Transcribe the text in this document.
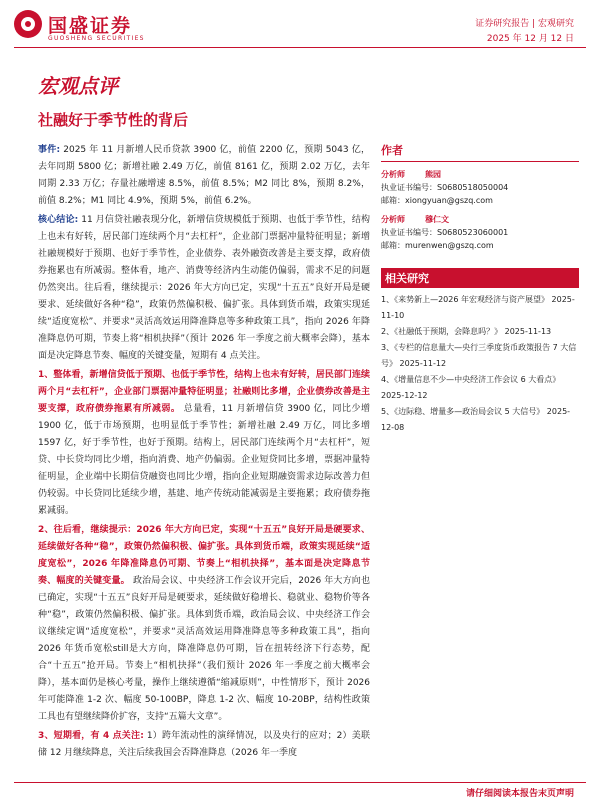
国盛证券
GUOSHENG SECURITIES
证券研究报告 | 宏观研究
2025 年 12 月 12 日
宏观点评
社融好于季节性的背后

事件: 2025 年 11 月新增人民币贷款 3900 亿，前值 2200 亿，预期 5043 亿，去年同期 5800 亿；新增社融 2.49 万亿，前值 8161 亿，预期 2.02 万亿，去年同期 2.33 万亿；存量社融增速 8.5%，前值 8.5%；M2 同比 8%，预期 8.2%，前值 8.2%；M1 同比 4.9%，预期 5%，前值 6.2%。

核心结论: 11 月信贷社融表现分化，新增信贷规模低于预期、也低于季节性，结构上也未有好转，居民部门连续两个月“去杠杆”，企业部门票据冲量特征明显；新增社融规模好于预期、也好于季节性，企业债券、表外融资改善是主要支撑，政府债券拖累也有所减弱。整体看，地产、消费等经济内生动能仍偏弱，需求不足的问题仍然突出。往后看，继续提示：2026 年大方向已定，实现“十五五”良好开局是硬要求、延续做好各种“稳”，政策仍然偏积极、偏扩张。具体到货币端，政策实现延续“适度宽松”、并要求“灵活高效运用降准降息等多种政策工具”，指向 2026 年降准降息仍可期，节奏上将“相机抉择”（预计 2026 年一季度之前大概率会降），基本面是决定降息节奏、幅度的关键变量，短期有 4 点关注。

1、整体看，新增信贷低于预期、也低于季节性，结构上也未有好转，居民部门连续两个月“去杠杆”，企业部门票据冲量特征明显；社融则比多增，企业债券改善是主要支撑，政府债券拖累有所减弱。 总量看，11 月新增信贷 3900 亿，同比少增 1900 亿，低于市场预期，也明显低于季节性；新增社融 2.49 万亿，同比多增 1597 亿，好于季节性，也好于预期。结构上，居民部门连续两个月“去杠杆”，短贷、中长贷均同比少增，指向消费、地产仍偏弱。企业短贷同比多增，票据冲量特征明显，企业端中长期信贷融资也同比少增，指向企业短期融资需求边际改善力但仍较弱。中长贷同比延续少增，基建、地产传统动能减弱是主要拖累；政府债券拖累减弱。

2、往后看，继续提示：2026 年大方向已定，实现“十五五”良好开局是硬要求、延续做好各种“稳”，政策仍然偏积极、偏扩张。具体到货币端，政策实现延续“适度宽松”，2026 年降准降息仍可期、节奏上“相机抉择”，基本面是决定降息节奏、幅度的关键变量。 政治局会议、中央经济工作会议开完后，2026 年大方向也已确定，实现“十五五”良好开局是硬要求，延续做好稳增长、稳就业、稳物价等各种“稳”，政策仍然偏积极、偏扩张。具体到货币端，政治局会议、中央经济工作会议继续定调“适度宽松”，并要求“灵活高效运用降准降息等多种政策工具”，指向 2026 年货币宽松still是大方向，降准降息仍可期，旨在扭转经济下行态势，配合“十五五”抢开局。节奏上“相机抉择”（我们预计 2026 年一季度之前大概率会降），基本面仍是核心考量，操作上继续遵循“缩减原则”，中性情形下，预计 2026 年可能降准 1-2 次、幅度 50-100BP，降息 1-2 次、幅度 10-20BP，结构性政策工具也有望继续降价扩容，支持“五篇大文章”。

3、短期看，有 4 点关注: 1）跨年流动性的演绎情况，以及央行的应对；2）美联储 12 月继续降息，关注后续我国会否降准降息（2026 年一季度

作者
分析师	熊园
执业证书编号：S0680518050004
邮箱：xiongyuan@gszq.com
分析师	穆仁文
执业证书编号：S0680523060001
邮箱：murenwen@gszq.com
相关研究
1、《来势新上—2026 年宏观经济与资产展望》 2025-11-10
2、《社融低于预期，会降息吗？》 2025-11-13
3、《专栏的信息量大—央行三季度货币政策报告 7 大信号》 2025-11-12
4、《增量信息不少—中央经济工作会议 6 大看点》 2025-12-12
5、《边际稳、增量多—政治局会议 5 大信号》 2025-12-08
请仔细阅读本报告末页声明
